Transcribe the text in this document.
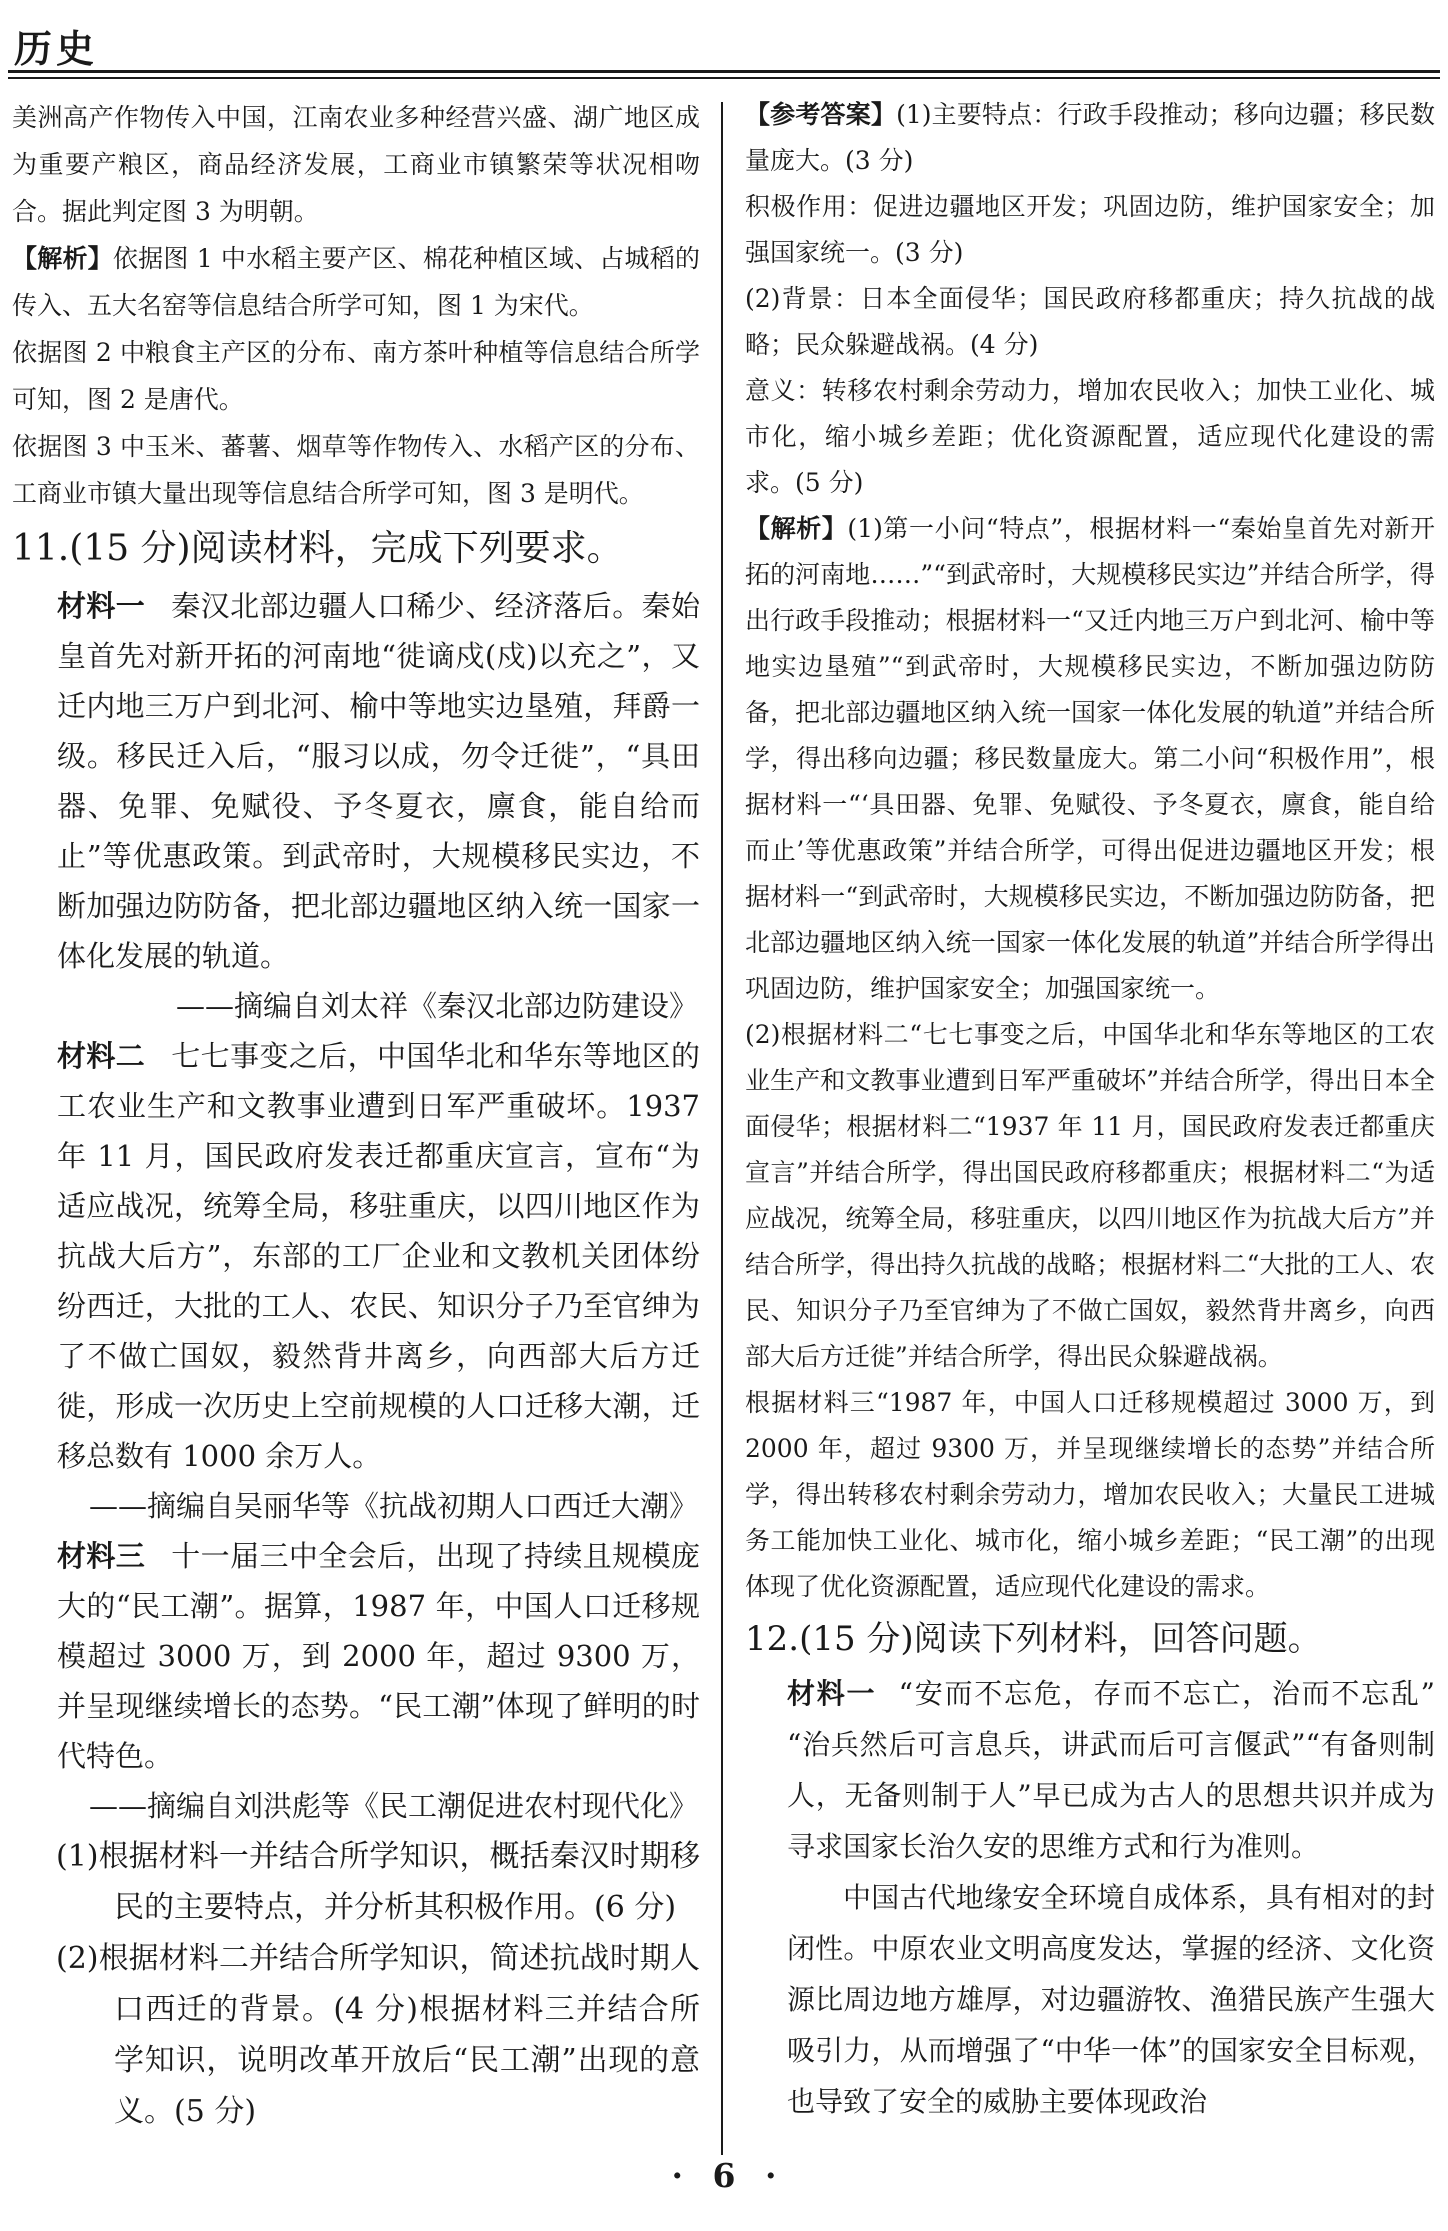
历史

美洲高产作物传入中国，江南农业多种经营兴盛、湖广地区成为重要产粮区，商品经济发展，工商业市镇繁荣等状况相吻合。据此判定图 3 为明朝。

【解析】依据图 1 中水稻主要产区、棉花种植区域、占城稻的传入、五大名窑等信息结合所学可知，图 1 为宋代。

依据图 2 中粮食主产区的分布、南方茶叶种植等信息结合所学可知，图 2 是唐代。

依据图 3 中玉米、蕃薯、烟草等作物传入、水稻产区的分布、工商业市镇大量出现等信息结合所学可知，图 3 是明代。

11.(15 分)阅读材料，完成下列要求。

材料一 秦汉北部边疆人口稀少、经济落后。秦始皇首先对新开拓的河南地“徙谪戍(戍)以充之”，又迁内地三万户到北河、榆中等地实边垦殖，拜爵一级。移民迁入后，“服习以成，勿令迁徙”，“具田器、免罪、免赋役、予冬夏衣，廪食，能自给而止”等优惠政策。到武帝时，大规模移民实边，不断加强边防防备，把北部边疆地区纳入统一国家一体化发展的轨道。

——摘编自刘太祥《秦汉北部边防建设》

材料二 七七事变之后，中国华北和华东等地区的工农业生产和文教事业遭到日军严重破坏。1937 年 11 月，国民政府发表迁都重庆宣言，宣布“为适应战况，统筹全局，移驻重庆，以四川地区作为抗战大后方”，东部的工厂企业和文教机关团体纷纷西迁，大批的工人、农民、知识分子乃至官绅为了不做亡国奴，毅然背井离乡，向西部大后方迁徙，形成一次历史上空前规模的人口迁移大潮，迁移总数有 1000 余万人。

——摘编自吴丽华等《抗战初期人口西迁大潮》

材料三 十一届三中全会后，出现了持续且规模庞大的“民工潮”。据算，1987 年，中国人口迁移规模超过 3000 万，到 2000 年，超过 9300 万，并呈现继续增长的态势。“民工潮”体现了鲜明的时代特色。

——摘编自刘洪彪等《民工潮促进农村现代化》

(1)根据材料一并结合所学知识，概括秦汉时期移民的主要特点，并分析其积极作用。(6 分)

(2)根据材料二并结合所学知识，简述抗战时期人口西迁的背景。(4 分)根据材料三并结合所学知识，说明改革开放后“民工潮”出现的意义。(5 分)

【参考答案】(1)主要特点：行政手段推动；移向边疆；移民数量庞大。(3 分)

积极作用：促进边疆地区开发；巩固边防，维护国家安全；加强国家统一。(3 分)

(2)背景：日本全面侵华；国民政府移都重庆；持久抗战的战略；民众躲避战祸。(4 分)

意义：转移农村剩余劳动力，增加农民收入；加快工业化、城市化，缩小城乡差距；优化资源配置，适应现代化建设的需求。(5 分)

【解析】(1)第一小问“特点”，根据材料一“秦始皇首先对新开拓的河南地……”“到武帝时，大规模移民实边”并结合所学，得出行政手段推动；根据材料一“又迁内地三万户到北河、榆中等地实边垦殖”“到武帝时，大规模移民实边，不断加强边防防备，把北部边疆地区纳入统一国家一体化发展的轨道”并结合所学，得出移向边疆；移民数量庞大。第二小问“积极作用”，根据材料一“‘具田器、免罪、免赋役、予冬夏衣，廪食，能自给而止’等优惠政策”并结合所学，可得出促进边疆地区开发；根据材料一“到武帝时，大规模移民实边，不断加强边防防备，把北部边疆地区纳入统一国家一体化发展的轨道”并结合所学得出巩固边防，维护国家安全；加强国家统一。

(2)根据材料二“七七事变之后，中国华北和华东等地区的工农业生产和文教事业遭到日军严重破坏”并结合所学，得出日本全面侵华；根据材料二“1937 年 11 月，国民政府发表迁都重庆宣言”并结合所学，得出国民政府移都重庆；根据材料二“为适应战况，统筹全局，移驻重庆，以四川地区作为抗战大后方”并结合所学，得出持久抗战的战略；根据材料二“大批的工人、农民、知识分子乃至官绅为了不做亡国奴，毅然背井离乡，向西部大后方迁徙”并结合所学，得出民众躲避战祸。

根据材料三“1987 年，中国人口迁移规模超过 3000 万，到 2000 年，超过 9300 万，并呈现继续增长的态势”并结合所学，得出转移农村剩余劳动力，增加农民收入；大量民工进城务工能加快工业化、城市化，缩小城乡差距；“民工潮”的出现体现了优化资源配置，适应现代化建设的需求。

12.(15 分)阅读下列材料，回答问题。

材料一 “安而不忘危，存而不忘亡，治而不忘乱”“治兵然后可言息兵，讲武而后可言偃武”“有备则制人，无备则制于人”早已成为古人的思想共识并成为寻求国家长治久安的思维方式和行为准则。

中国古代地缘安全环境自成体系，具有相对的封闭性。中原农业文明高度发达，掌握的经济、文化资源比周边地方雄厚，对边疆游牧、渔猎民族产生强大吸引力，从而增强了“中华一体”的国家安全目标观，也导致了安全的威胁主要体现政治

· 6 ·
